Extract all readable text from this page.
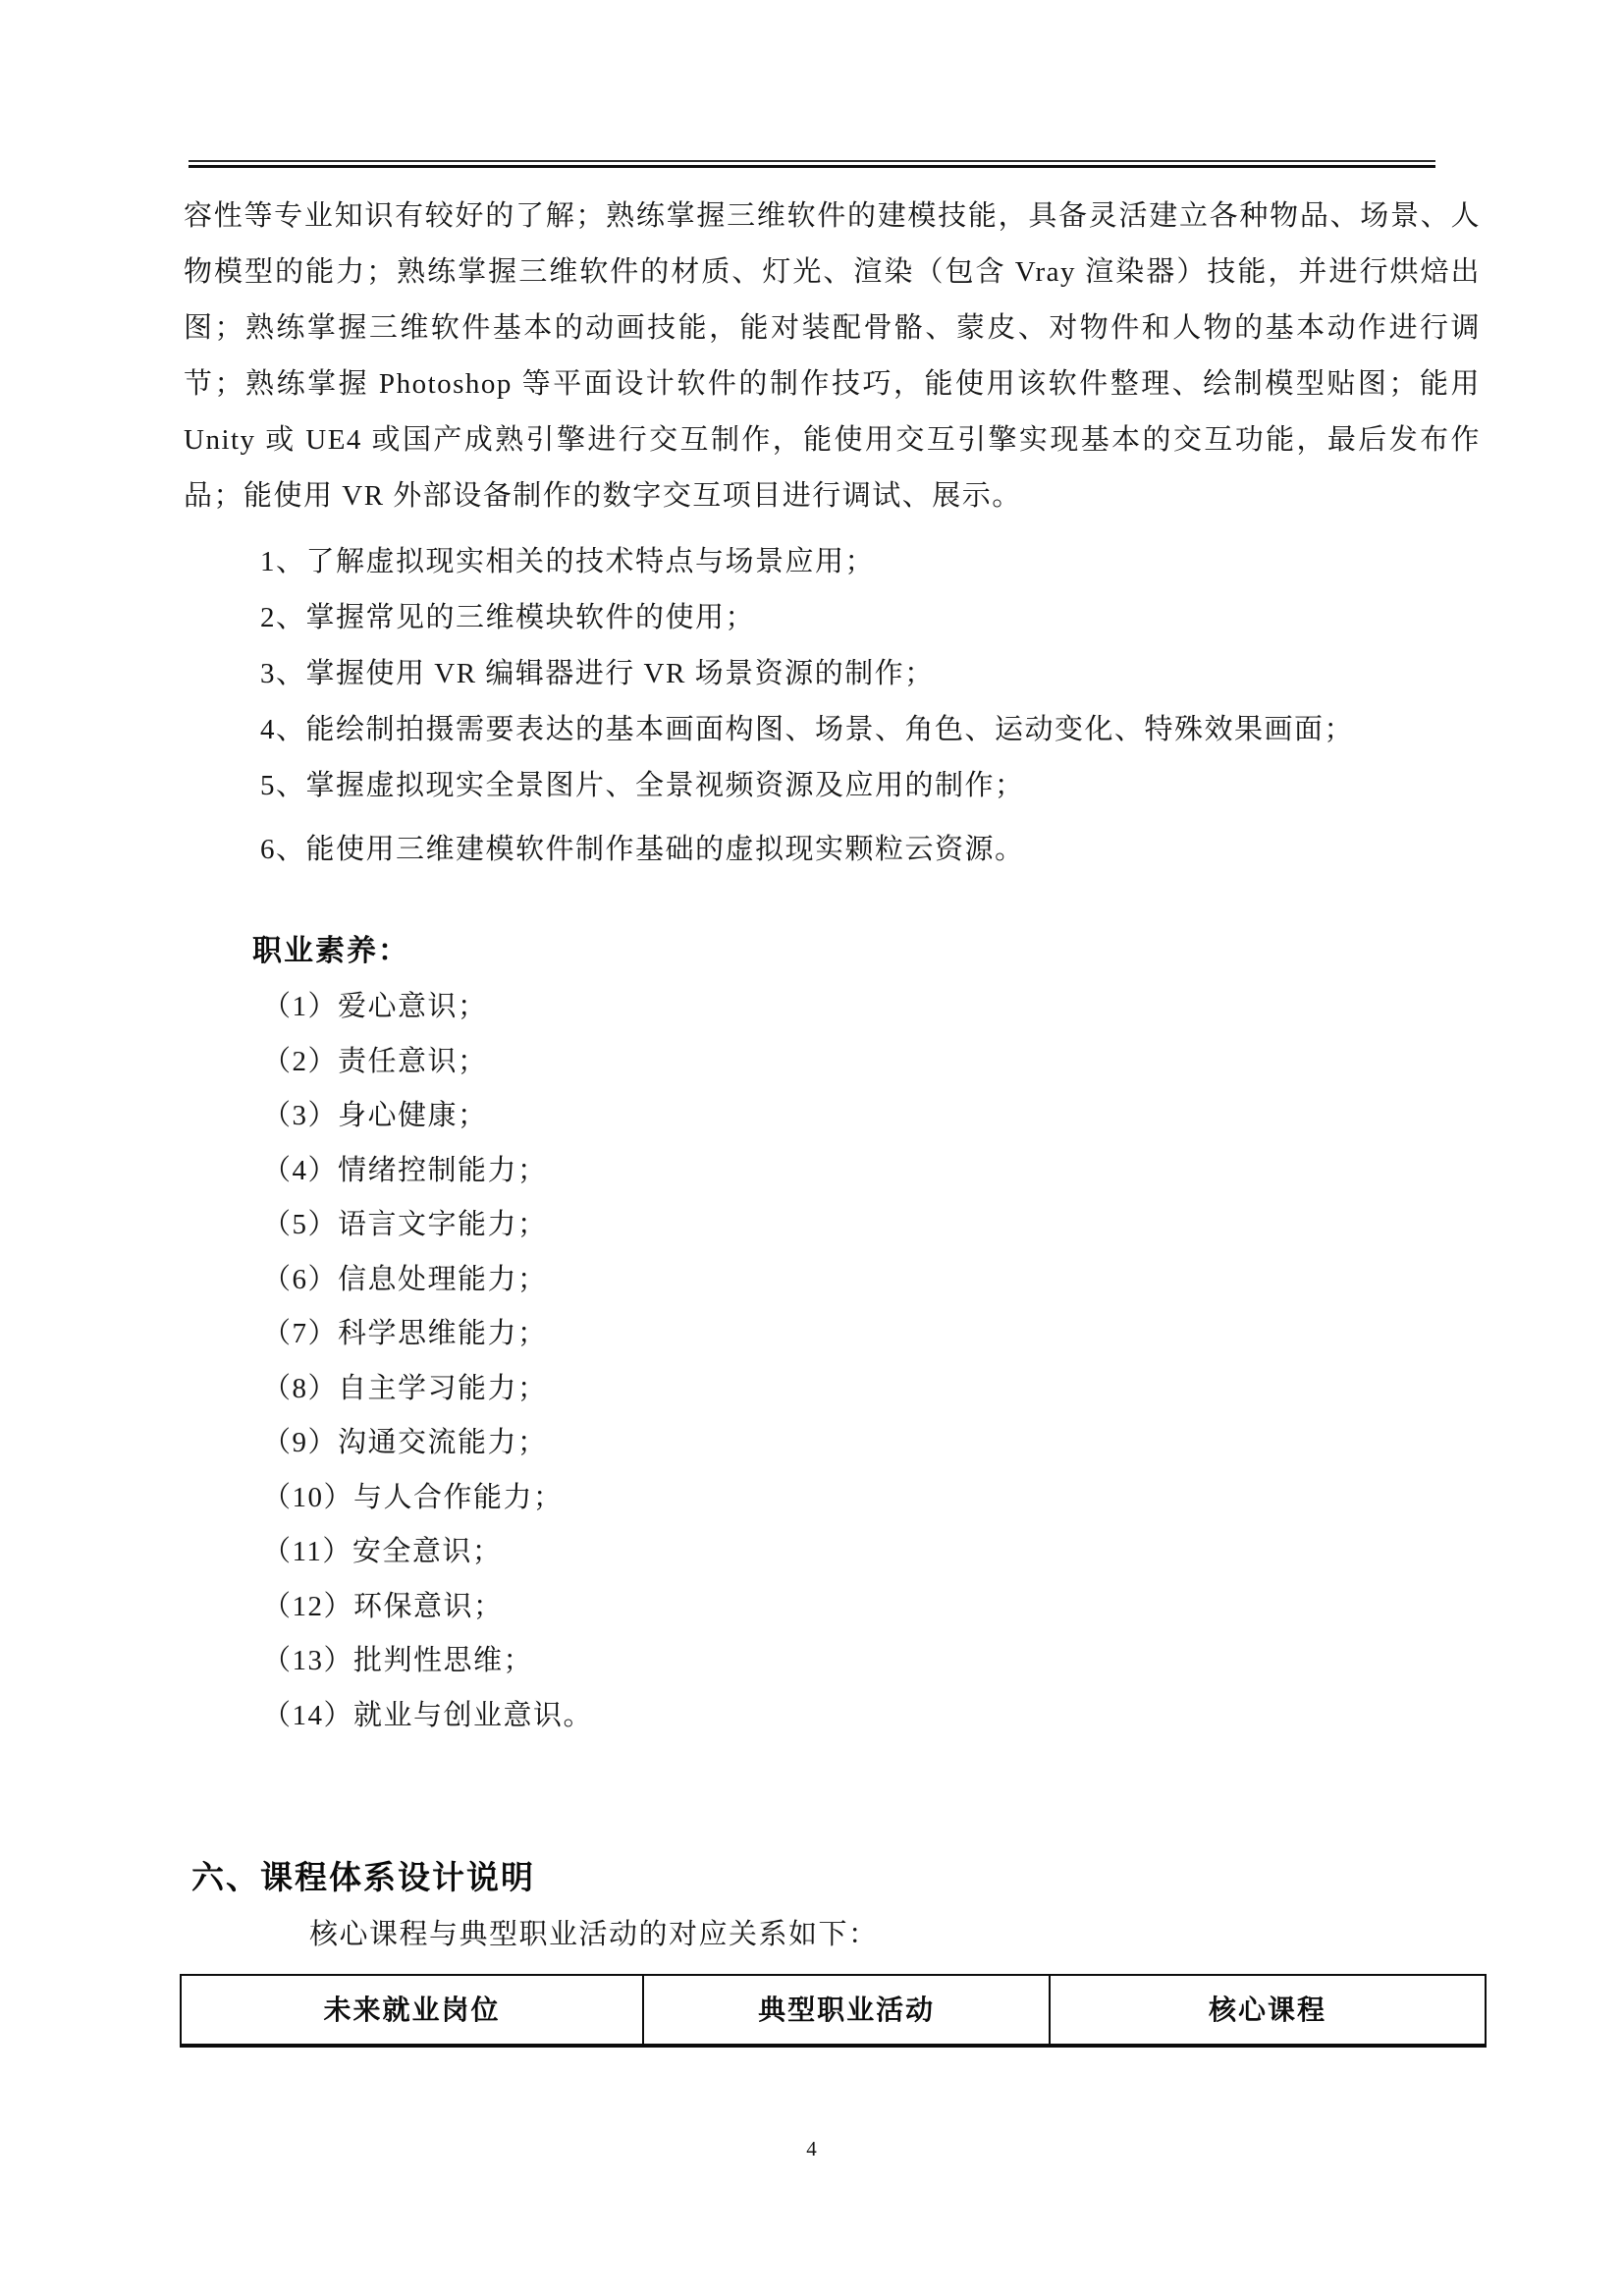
容性等专业知识有较好的了解；熟练掌握三维软件的建模技能，具备灵活建立各种物品、场景、人物模型的能力；熟练掌握三维软件的材质、灯光、渲染（包含 Vray 渲染器）技能，并进行烘焙出图；熟练掌握三维软件基本的动画技能，能对装配骨骼、蒙皮、对物件和人物的基本动作进行调节；熟练掌握 Photoshop 等平面设计软件的制作技巧，能使用该软件整理、绘制模型贴图；能用 Unity 或 UE4 或国产成熟引擎进行交互制作，能使用交互引擎实现基本的交互功能，最后发布作品；能使用 VR 外部设备制作的数字交互项目进行调试、展示。
1、了解虚拟现实相关的技术特点与场景应用；
2、掌握常见的三维模块软件的使用；
3、掌握使用 VR 编辑器进行 VR 场景资源的制作；
4、能绘制拍摄需要表达的基本画面构图、场景、角色、运动变化、特殊效果画面；
5、掌握虚拟现实全景图片、全景视频资源及应用的制作；
6、能使用三维建模软件制作基础的虚拟现实颗粒云资源。
职业素养：
（1）爱心意识；
（2）责任意识；
（3）身心健康；
（4）情绪控制能力；
（5）语言文字能力；
（6）信息处理能力；
（7）科学思维能力；
（8）自主学习能力；
（9）沟通交流能力；
（10）与人合作能力；
（11）安全意识；
（12）环保意识；
（13）批判性思维；
（14）就业与创业意识。
六、课程体系设计说明
核心课程与典型职业活动的对应关系如下：
未来就业岗位	典型职业活动	核心课程
4
